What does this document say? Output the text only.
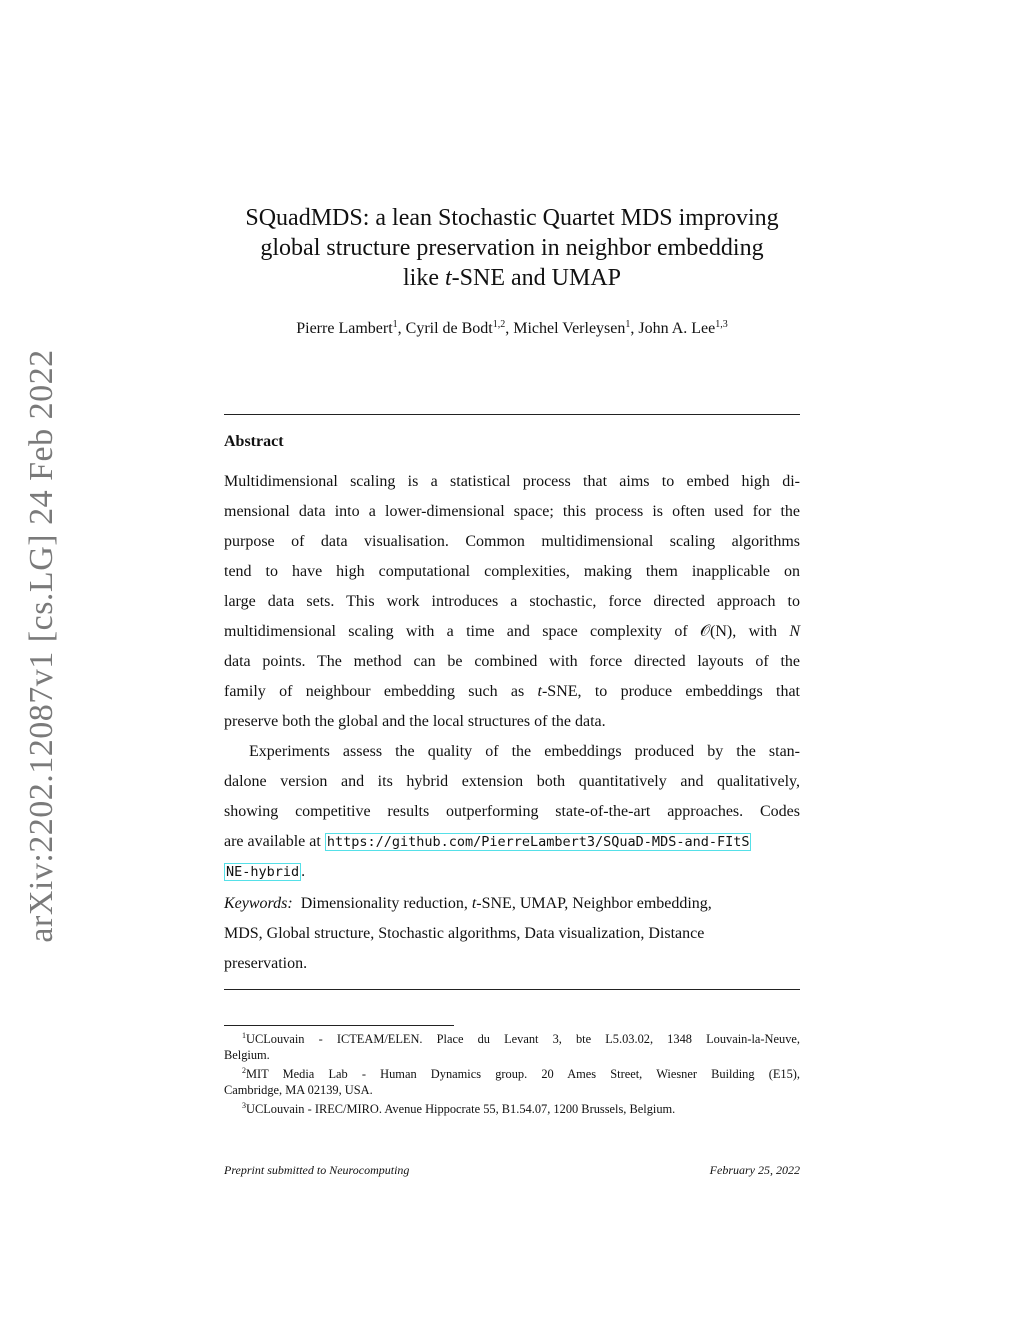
arXiv:2202.12087v1 [cs.LG] 24 Feb 2022
SQuadMDS: a lean Stochastic Quartet MDS improving
global structure preservation in neighbor embedding
like t-SNE and UMAP
Pierre Lambert$^1$, Cyril de Bodt$^{1,2}$, Michel Verleysen$^1$, John A. Lee$^{1,3}$
Abstract
Multidimensional scaling is a statistical process that aims to embed high di-
mensional data into a lower-dimensional space; this process is often used for the
purpose of data visualisation. Common multidimensional scaling algorithms
tend to have high computational complexities, making them inapplicable on
large data sets. This work introduces a stochastic, force directed approach to
multidimensional scaling with a time and space complexity of 𝒪(N), with N
data points. The method can be combined with force directed layouts of the
family of neighbour embedding such as t-SNE, to produce embeddings that
preserve both the global and the local structures of the data.
Experiments assess the quality of the embeddings produced by the stan-
dalone version and its hybrid extension both quantitatively and qualitatively,
showing competitive results outperforming state-of-the-art approaches. Codes
are available at https://github.com/PierreLambert3/SQuaD-MDS-and-FItS
NE-hybrid .
Keywords:  Dimensionality reduction, t-SNE, UMAP, Neighbor embedding,
MDS, Global structure, Stochastic algorithms, Data visualization, Distance
preservation.
$^1$UCLouvain - ICTEAM/ELEN. Place du Levant 3, bte L5.03.02, 1348 Louvain-la-Neuve,
Belgium.
$^2$MIT Media Lab - Human Dynamics group. 20 Ames Street, Wiesner Building (E15),
Cambridge, MA 02139, USA.
$^3$UCLouvain - IREC/MIRO. Avenue Hippocrate 55, B1.54.07, 1200 Brussels, Belgium.
Preprint submitted to Neurocomputing	February 25, 2022
